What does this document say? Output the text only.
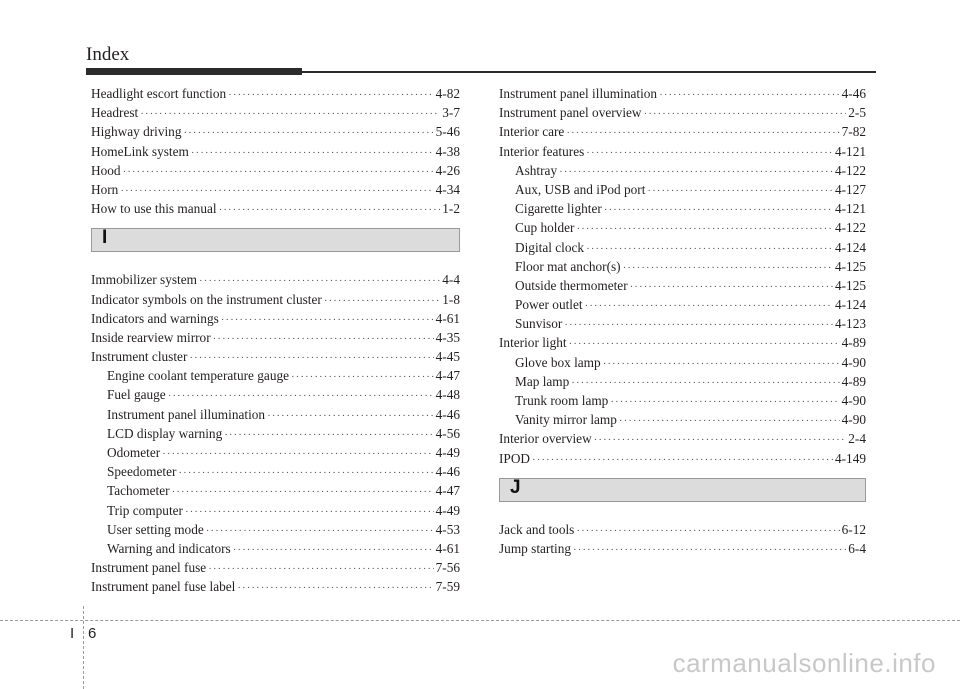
Index
Headlight escort function ·····	4-82
Headrest ·····	3-7
Highway driving ·····	5-46
HomeLink system ·····	4-38
Hood ·····	4-26
Horn ·····	4-34
How to use this manual ·····	1-2
I
Immobilizer system ·····	4-4
Indicator symbols on the instrument cluster ·····	1-8
Indicators and warnings ·····	4-61
Inside rearview mirror ·····	4-35
Instrument cluster ·····	4-45
Engine coolant temperature gauge ·····	4-47
Fuel gauge ·····	4-48
Instrument panel illumination ·····	4-46
LCD display warning ·····	4-56
Odometer ·····	4-49
Speedometer ·····	4-46
Tachometer ·····	4-47
Trip computer ·····	4-49
User setting mode ·····	4-53
Warning and indicators ·····	4-61
Instrument panel fuse ·····	7-56
Instrument panel fuse label ·····	7-59
Instrument panel illumination ·····	4-46
Instrument panel overview ·····	2-5
Interior care ·····	7-82
Interior features ·····	4-121
Ashtray ·····	4-122
Aux, USB and iPod port ·····	4-127
Cigarette lighter ·····	4-121
Cup holder ·····	4-122
Digital clock ·····	4-124
Floor mat anchor(s) ·····	4-125
Outside thermometer ·····	4-125
Power outlet ·····	4-124
Sunvisor ·····	4-123
Interior light ·····	4-89
Glove box lamp ·····	4-90
Map lamp ·····	4-89
Trunk room lamp ·····	4-90
Vanity mirror lamp ·····	4-90
Interior overview ·····	2-4
IPOD ·····	4-149
J
Jack and tools ·····	6-12
Jump starting ·····	6-4
I 6
carmanualsonline.info
